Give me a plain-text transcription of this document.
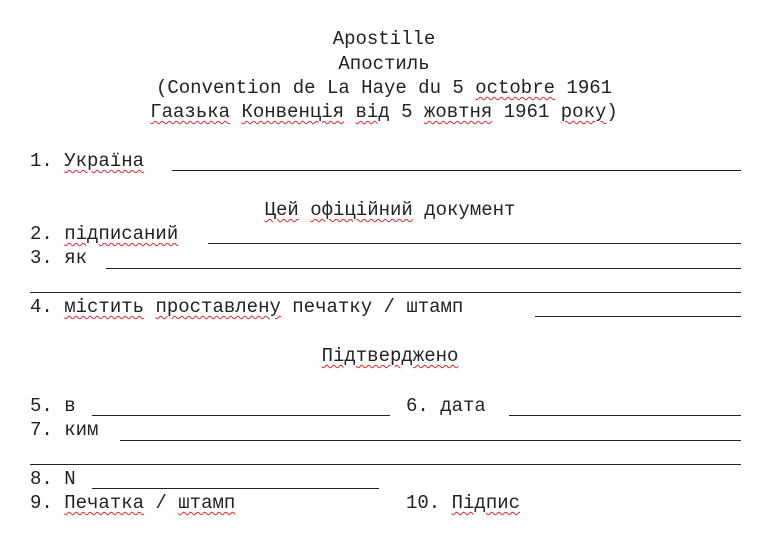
Apostille
Апостиль
(Convention de La Haye du 5 octobre 1961
Гаазька Конвенція від 5 жовтня 1961 року)
1. Україна
Цей офіційний документ
2. підписаний
3. як
4. містить проставлену печатку / штамп
Підтверджено
5. в	6. дата
7. ким
8. N
9. Печатка / штамп	10. Підпис
